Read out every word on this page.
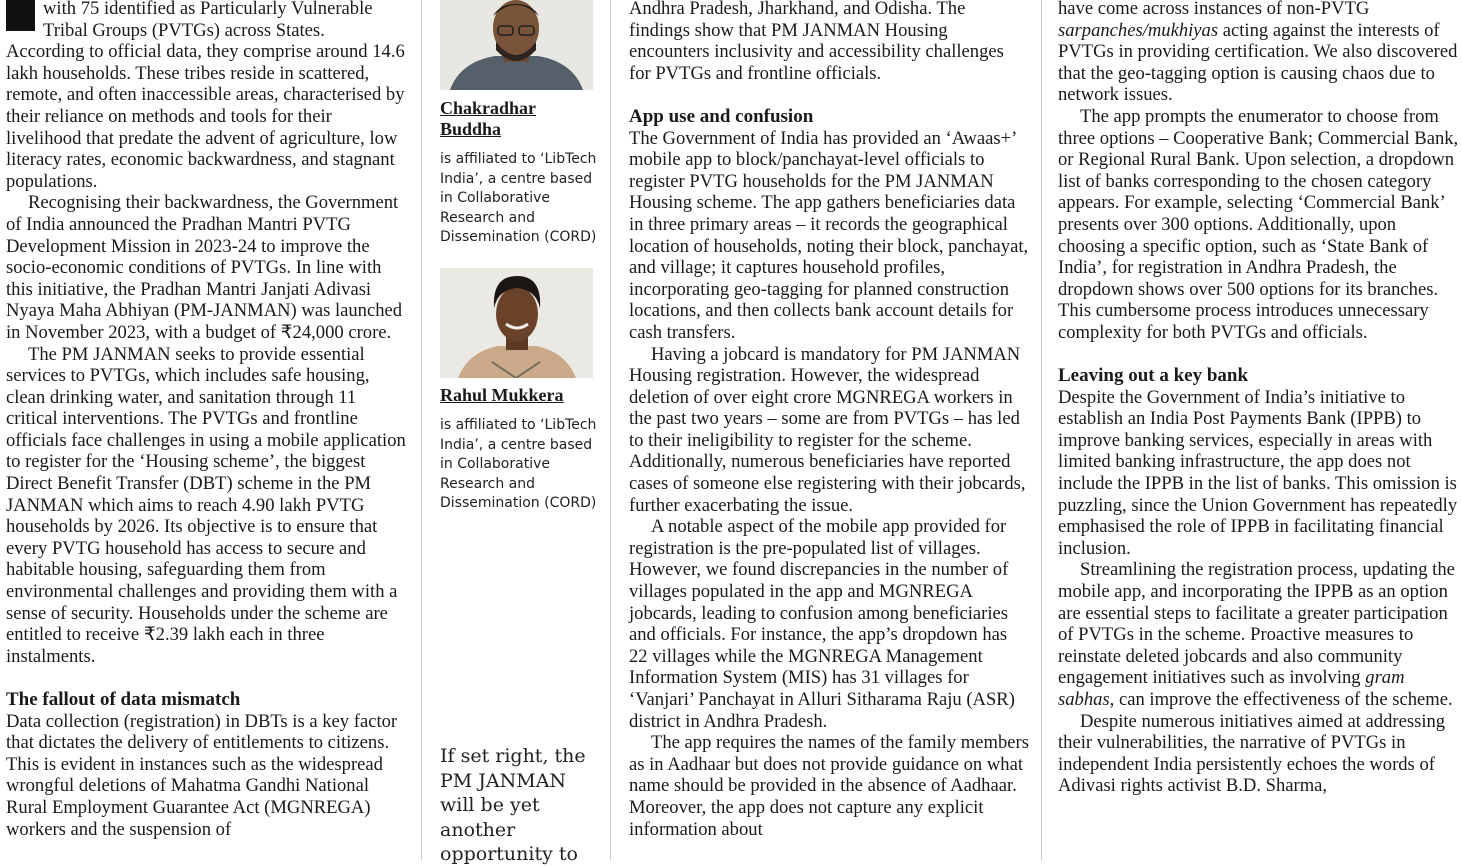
with 75 identified as Particularly Vulnerable Tribal Groups (PVTGs) across States. According to official data, they comprise around 14.6 lakh households. These tribes reside in scattered, remote, and often inaccessible areas, characterised by their reliance on methods and tools for their livelihood that predate the advent of agriculture, low literacy rates, economic backwardness, and stagnant populations.

Recognising their backwardness, the Government of India announced the Pradhan Mantri PVTG Development Mission in 2023-24 to improve the socio-economic conditions of PVTGs. In line with this initiative, the Pradhan Mantri Janjati Adivasi Nyaya Maha Abhiyan (PM-JANMAN) was launched in November 2023, with a budget of ₹24,000 crore.

The PM JANMAN seeks to provide essential services to PVTGs, which includes safe housing, clean drinking water, and sanitation through 11 critical interventions. The PVTGs and frontline officials face challenges in using a mobile application to register for the ‘Housing scheme’, the biggest Direct Benefit Transfer (DBT) scheme in the PM JANMAN which aims to reach 4.90 lakh PVTG households by 2026. Its objective is to ensure that every PVTG household has access to secure and habitable housing, safeguarding them from environmental challenges and providing them with a sense of security. Households under the scheme are entitled to receive ₹2.39 lakh each in three instalments.

The fallout of data mismatch

Data collection (registration) in DBTs is a key factor that dictates the delivery of entitlements to citizens. This is evident in instances such as the widespread wrongful deletions of Mahatma Gandhi National Rural Employment Guarantee Act (MGNREGA) workers and the suspension of

Chakradhar Buddha
is affiliated to ‘LibTech India’, a centre based in Collaborative Research and Dissemination (CORD)
Rahul Mukkera
is affiliated to ‘LibTech India’, a centre based in Collaborative Research and Dissemination (CORD)
If set right, the PM JANMAN will be yet another opportunity to

Andhra Pradesh, Jharkhand, and Odisha. The findings show that PM JANMAN Housing encounters inclusivity and accessibility challenges for PVTGs and frontline officials.

App use and confusion

The Government of India has provided an ‘Awaas+’ mobile app to block/panchayat-level officials to register PVTG households for the PM JANMAN Housing scheme. The app gathers beneficiaries data in three primary areas – it records the geographical location of households, noting their block, panchayat, and village; it captures household profiles, incorporating geo-tagging for planned construction locations, and then collects bank account details for cash transfers.

Having a jobcard is mandatory for PM JANMAN Housing registration. However, the widespread deletion of over eight crore MGNREGA workers in the past two years – some are from PVTGs – has led to their ineligibility to register for the scheme. Additionally, numerous beneficiaries have reported cases of someone else registering with their jobcards, further exacerbating the issue.

A notable aspect of the mobile app provided for registration is the pre-populated list of villages. However, we found discrepancies in the number of villages populated in the app and MGNREGA jobcards, leading to confusion among beneficiaries and officials. For instance, the app’s dropdown has 22 villages while the MGNREGA Management Information System (MIS) has 31 villages for ‘Vanjari’ Panchayat in Alluri Sitharama Raju (ASR) district in Andhra Pradesh.

The app requires the names of the family members as in Aadhaar but does not provide guidance on what name should be provided in the absence of Aadhaar. Moreover, the app does not capture any explicit information about

have come across instances of non-PVTG sarpanches/mukhiyas acting against the interests of PVTGs in providing certification. We also discovered that the geo-tagging option is causing chaos due to network issues.

The app prompts the enumerator to choose from three options – Cooperative Bank; Commercial Bank, or Regional Rural Bank. Upon selection, a dropdown list of banks corresponding to the chosen category appears. For example, selecting ‘Commercial Bank’ presents over 300 options. Additionally, upon choosing a specific option, such as ‘State Bank of India’, for registration in Andhra Pradesh, the dropdown shows over 500 options for its branches. This cumbersome process introduces unnecessary complexity for both PVTGs and officials.

Leaving out a key bank

Despite the Government of India’s initiative to establish an India Post Payments Bank (IPPB) to improve banking services, especially in areas with limited banking infrastructure, the app does not include the IPPB in the list of banks. This omission is puzzling, since the Union Government has repeatedly emphasised the role of IPPB in facilitating financial inclusion.

Streamlining the registration process, updating the mobile app, and incorporating the IPPB as an option are essential steps to facilitate a greater participation of PVTGs in the scheme. Proactive measures to reinstate deleted jobcards and also community engagement initiatives such as involving gram sabhas, can improve the effectiveness of the scheme.

Despite numerous initiatives aimed at addressing their vulnerabilities, the narrative of PVTGs in independent India persistently echoes the words of Adivasi rights activist B.D. Sharma,
